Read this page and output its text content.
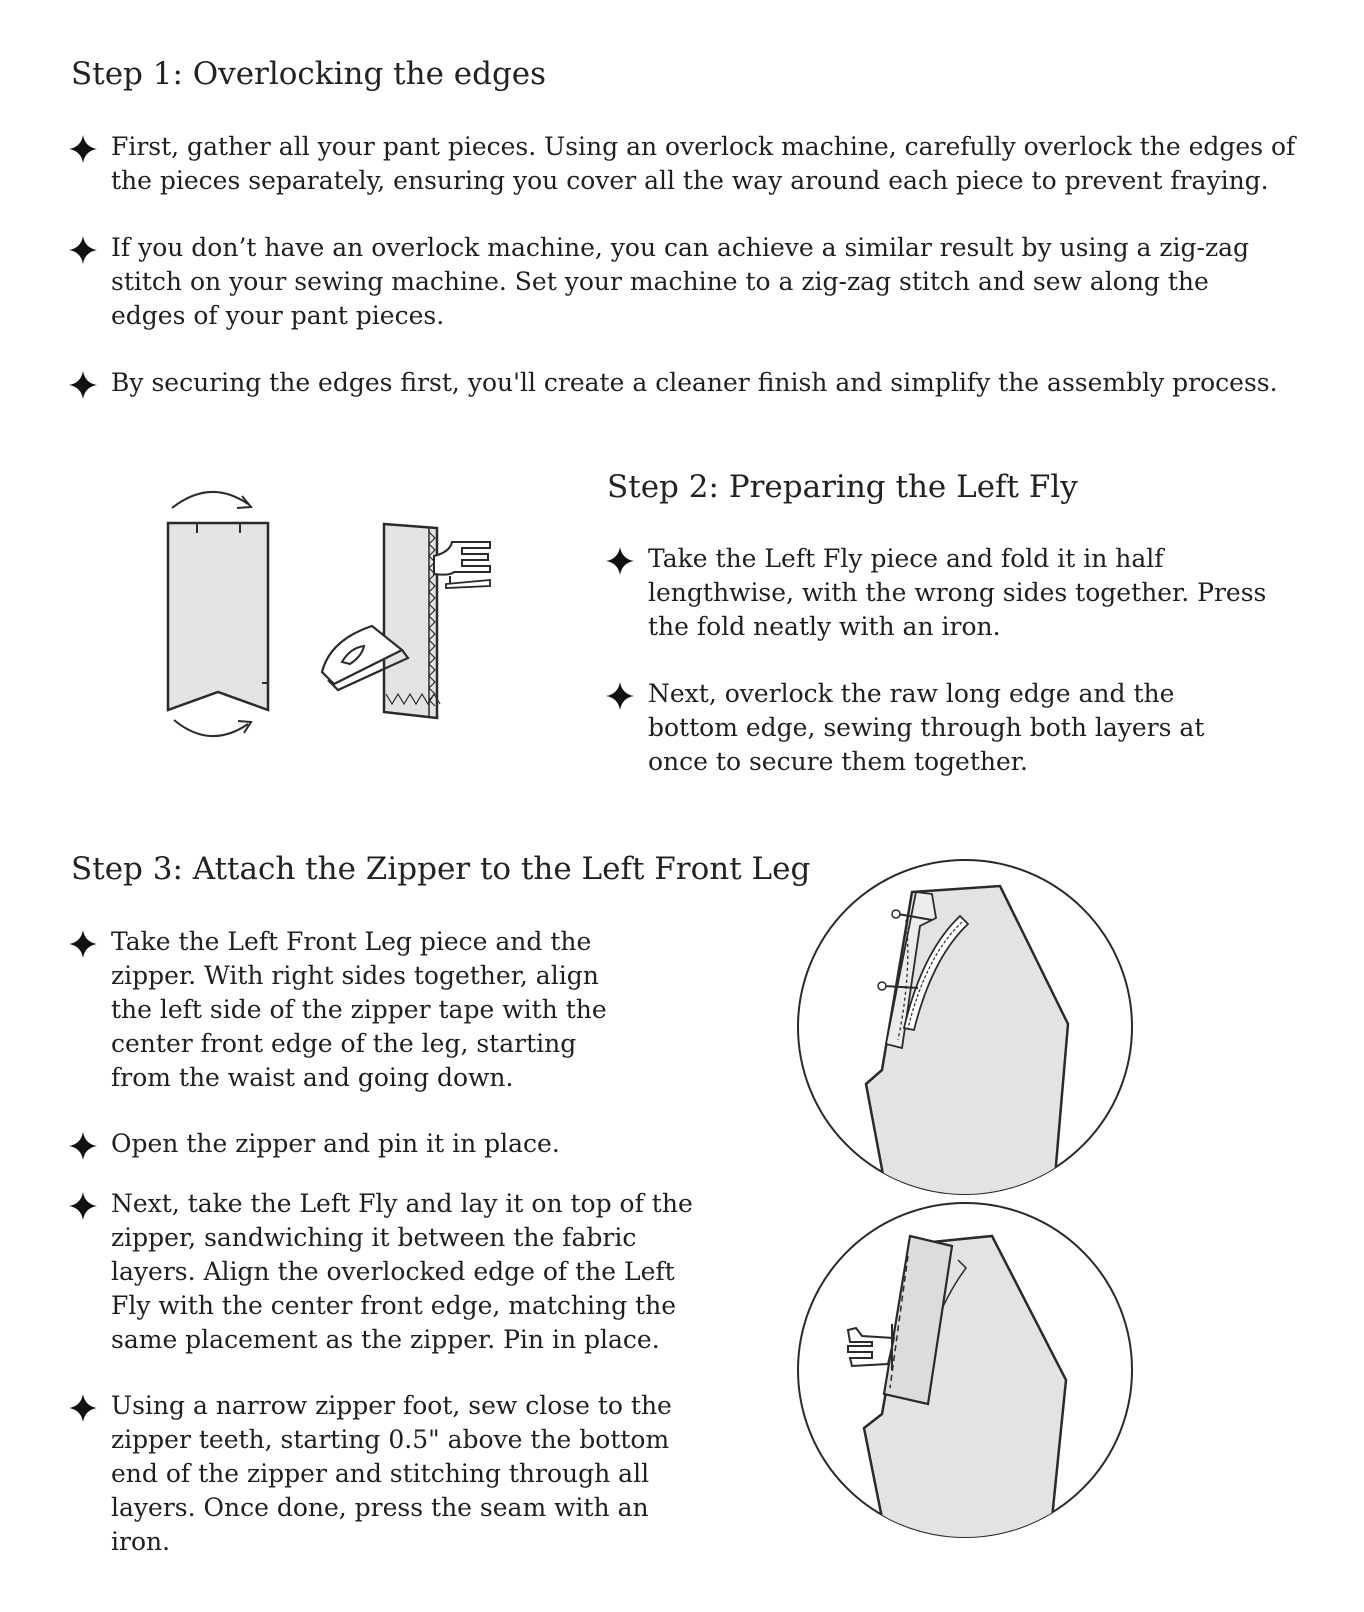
Step 1: Overlocking the edges
First, gather all your pant pieces. Using an overlock machine, carefully overlock the edges of the pieces separately, ensuring you cover all the way around each piece to prevent fraying.
If you don’t have an overlock machine, you can achieve a similar result by using a zig-zag stitch on your sewing machine. Set your machine to a zig-zag stitch and sew along the edges of your pant pieces.
By securing the edges first, you'll create a cleaner finish and simplify the assembly process.
Step 2: Preparing the Left Fly
Take the Left Fly piece and fold it in half lengthwise, with the wrong sides together. Press the fold neatly with an iron.
Next, overlock the raw long edge and the bottom edge, sewing through both layers at once to secure them together.
Step 3: Attach the Zipper to the Left Front Leg
Take the Left Front Leg piece and the zipper. With right sides together, align the left side of the zipper tape with the center front edge of the leg, starting from the waist and going down.
Open the zipper and pin it in place.
Next, take the Left Fly and lay it on top of the zipper, sandwiching it between the fabric layers. Align the overlocked edge of the Left Fly with the center front edge, matching the same placement as the zipper. Pin in place.
Using a narrow zipper foot, sew close to the zipper teeth, starting 0.5" above the bottom end of the zipper and stitching through all layers. Once done, press the seam with an iron.
